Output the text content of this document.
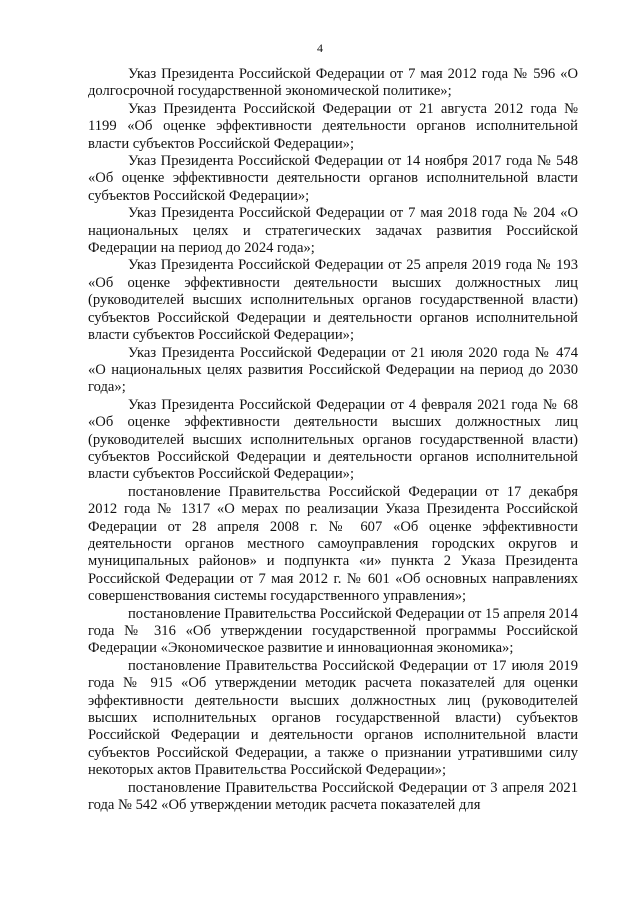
4

Указ Президента Российской Федерации от 7 мая 2012 года № 596 «О долгосрочной государственной экономической политике»;

Указ Президента Российской Федерации от 21 августа 2012 года № 1199 «Об оценке эффективности деятельности органов исполнительной власти субъектов Российской Федерации»;

Указ Президента Российской Федерации от 14 ноября 2017 года № 548 «Об оценке эффективности деятельности органов исполнительной власти субъектов Российской Федерации»;

Указ Президента Российской Федерации от 7 мая 2018 года № 204 «О национальных целях и стратегических задачах развития Российской Федерации на период до 2024 года»;

Указ Президента Российской Федерации от 25 апреля 2019 года № 193 «Об оценке эффективности деятельности высших должностных лиц (руководителей высших исполнительных органов государственной власти) субъектов Российской Федерации и деятельности органов исполнительной власти субъектов Российской Федерации»;

Указ Президента Российской Федерации от 21 июля 2020 года № 474 «О национальных целях развития Российской Федерации на период до 2030 года»;

Указ Президента Российской Федерации от 4 февраля 2021 года № 68 «Об оценке эффективности деятельности высших должностных лиц (руководителей высших исполнительных органов государственной власти) субъектов Российской Федерации и деятельности органов исполнительной власти субъектов Российской Федерации»;

постановление Правительства Российской Федерации от 17 декабря 2012 года № 1317 «О мерах по реализации Указа Президента Российской Федерации от 28 апреля 2008 г. № 607 «Об оценке эффективности деятельности органов местного самоуправления городских округов и муниципальных районов» и подпункта «и» пункта 2 Указа Президента Российской Федерации от 7 мая 2012 г. № 601 «Об основных направлениях совершенствования системы государственного управления»;

постановление Правительства Российской Федерации от 15 апреля 2014 года № 316 «Об утверждении государственной программы Российской Федерации «Экономическое развитие и инновационная экономика»;

постановление Правительства Российской Федерации от 17 июля 2019 года № 915 «Об утверждении методик расчета показателей для оценки эффективности деятельности высших должностных лиц (руководителей высших исполнительных органов государственной власти) субъектов Российской Федерации и деятельности органов исполнительной власти субъектов Российской Федерации, а также о признании утратившими силу некоторых актов Правительства Российской Федерации»;

постановление Правительства Российской Федерации от 3 апреля 2021 года № 542 «Об утверждении методик расчета показателей для
